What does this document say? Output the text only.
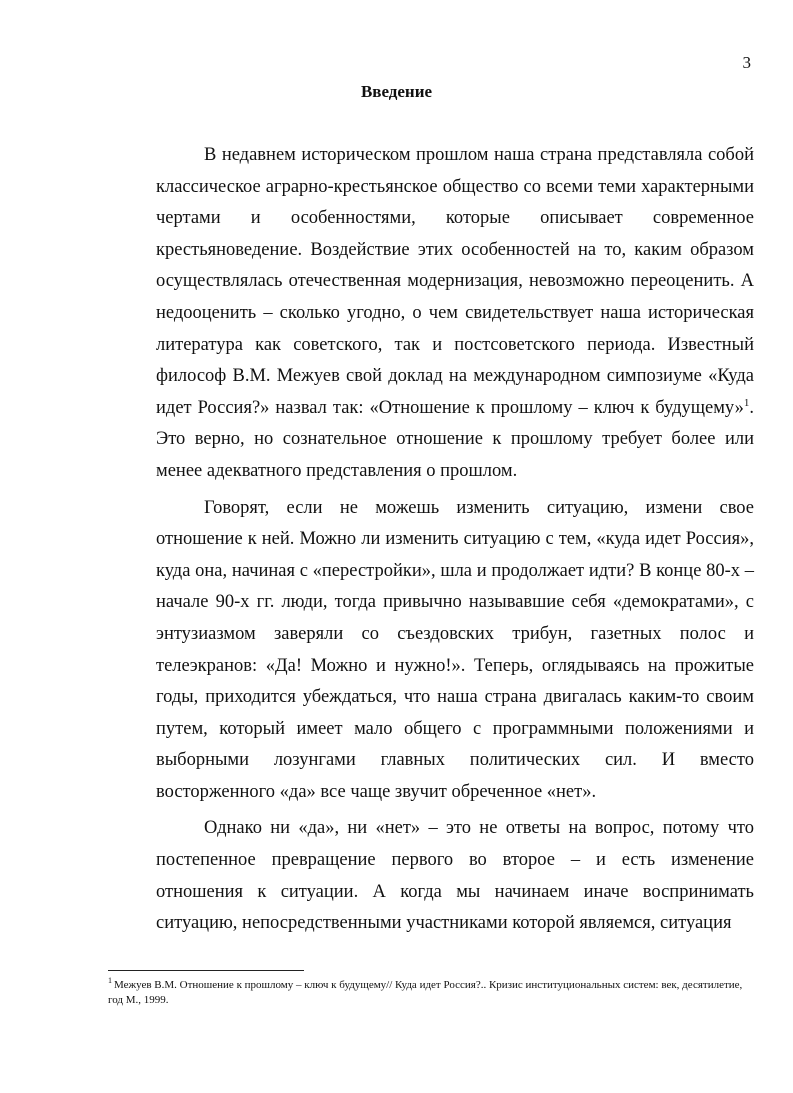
3
Введение

В недавнем историческом прошлом наша страна представляла собой классическое аграрно-крестьянское общество со всеми теми характерными чертами и особенностями, которые описывает современное крестьяноведение. Воздействие этих особенностей на то, каким образом осуществлялась отечественная модернизация, невозможно переоценить. А недооценить – сколько угодно, о чем свидетельствует наша историческая литература как советского, так и постсоветского периода. Известный философ В.М. Межуев свой доклад на международном симпозиуме «Куда идет Россия?» назвал так: «Отношение к прошлому – ключ к будущему»$^1$. Это верно, но сознательное отношение к прошлому требует более или менее адекватного представления о прошлом.

Говорят, если не можешь изменить ситуацию, измени свое отношение к ней. Можно ли изменить ситуацию с тем, «куда идет Россия», куда она, начиная с «перестройки», шла и продолжает идти? В конце 80-х – начале 90-х гг. люди, тогда привычно называвшие себя «демократами», с энтузиазмом заверяли со съездовских трибун, газетных полос и телеэкранов: «Да! Можно и нужно!». Теперь, оглядываясь на прожитые годы, приходится убеждаться, что наша страна двигалась каким-то своим путем, который имеет мало общего с программными положениями и выборными лозунгами главных политических сил. И вместо восторженного «да» все чаще звучит обреченное «нет».

Однако ни «да», ни «нет» – это не ответы на вопрос, потому что постепенное превращение первого во второе – и есть изменение отношения к ситуации. А когда мы начинаем иначе воспринимать ситуацию, непосредственными участниками которой являемся, ситуация

$^1$ Межуев В.М. Отношение к прошлому – ключ к будущему// Куда идет Россия?.. Кризис институциональных систем: век, десятилетие, год М., 1999.
